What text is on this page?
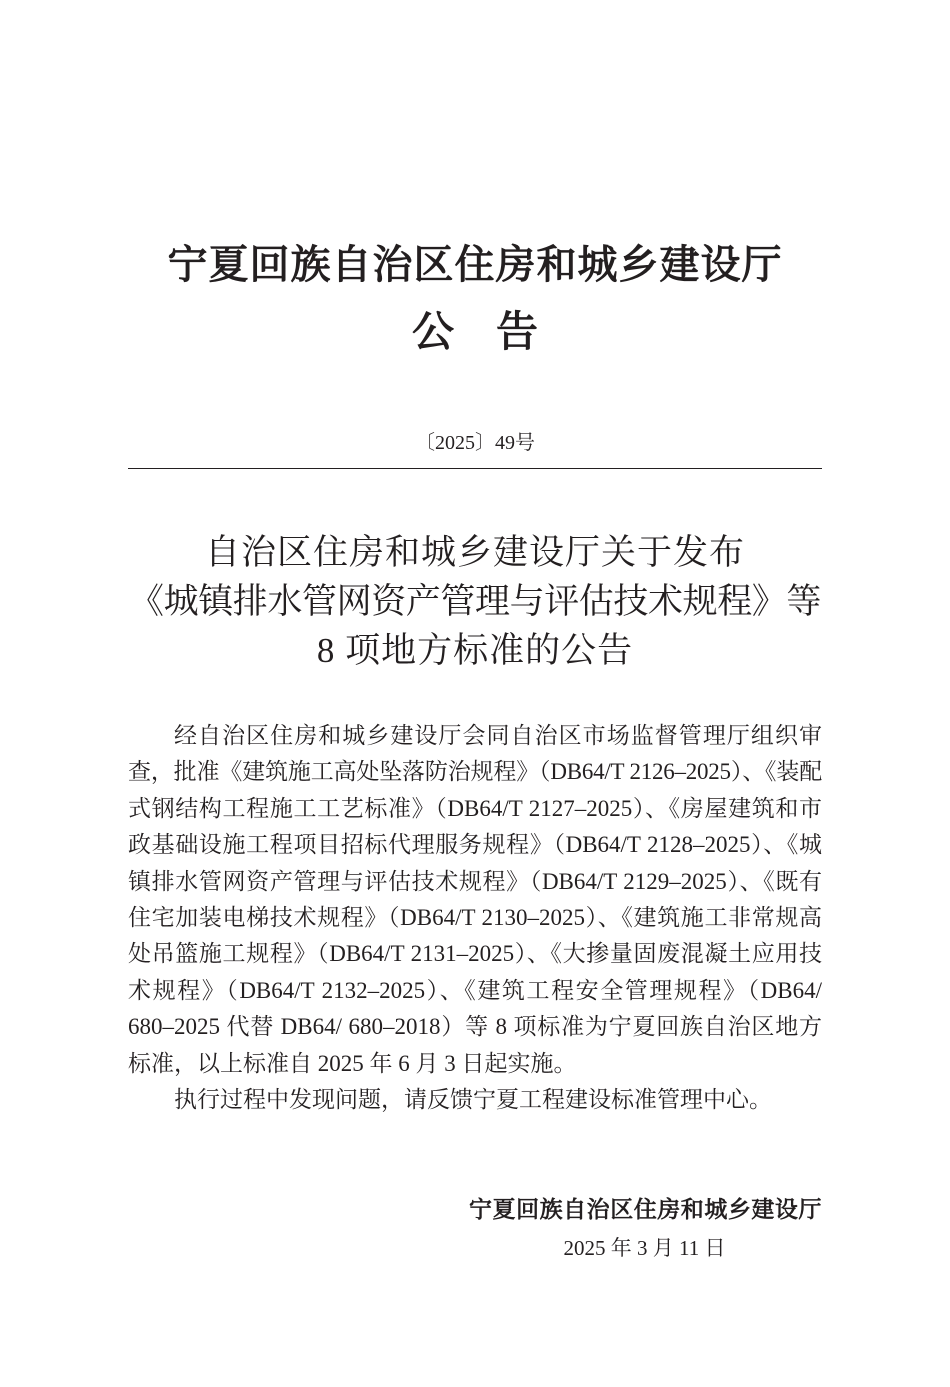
宁夏回族自治区住房和城乡建设厅
公　告
〔2025〕49号
自治区住房和城乡建设厅关于发布
《城镇排水管网资产管理与评估技术规程》等
8 项地方标准的公告
经自治区住房和城乡建设厅会同自治区市场监督管理厅组织审
查，批准《建筑施工高处坠落防治规程》（DB64/T 2126–2025）、《装配
式钢结构工程施工工艺标准》（DB64/T 2127–2025）、《房屋建筑和市
政基础设施工程项目招标代理服务规程》（DB64/T 2128–2025）、《城
镇排水管网资产管理与评估技术规程》（DB64/T 2129–2025）、《既有
住宅加装电梯技术规程》（DB64/T 2130–2025）、《建筑施工非常规高
处吊篮施工规程》（DB64/T 2131–2025）、《大掺量固废混凝土应用技
术规程》（DB64/T 2132–2025）、《建筑工程安全管理规程》（DB64/
680–2025 代替 DB64/ 680–2018）等 8 项标准为宁夏回族自治区地方
标准，以上标准自 2025 年 6 月 3 日起实施。
执行过程中发现问题，请反馈宁夏工程建设标准管理中心。
宁夏回族自治区住房和城乡建设厅
2025 年 3 月 11 日
